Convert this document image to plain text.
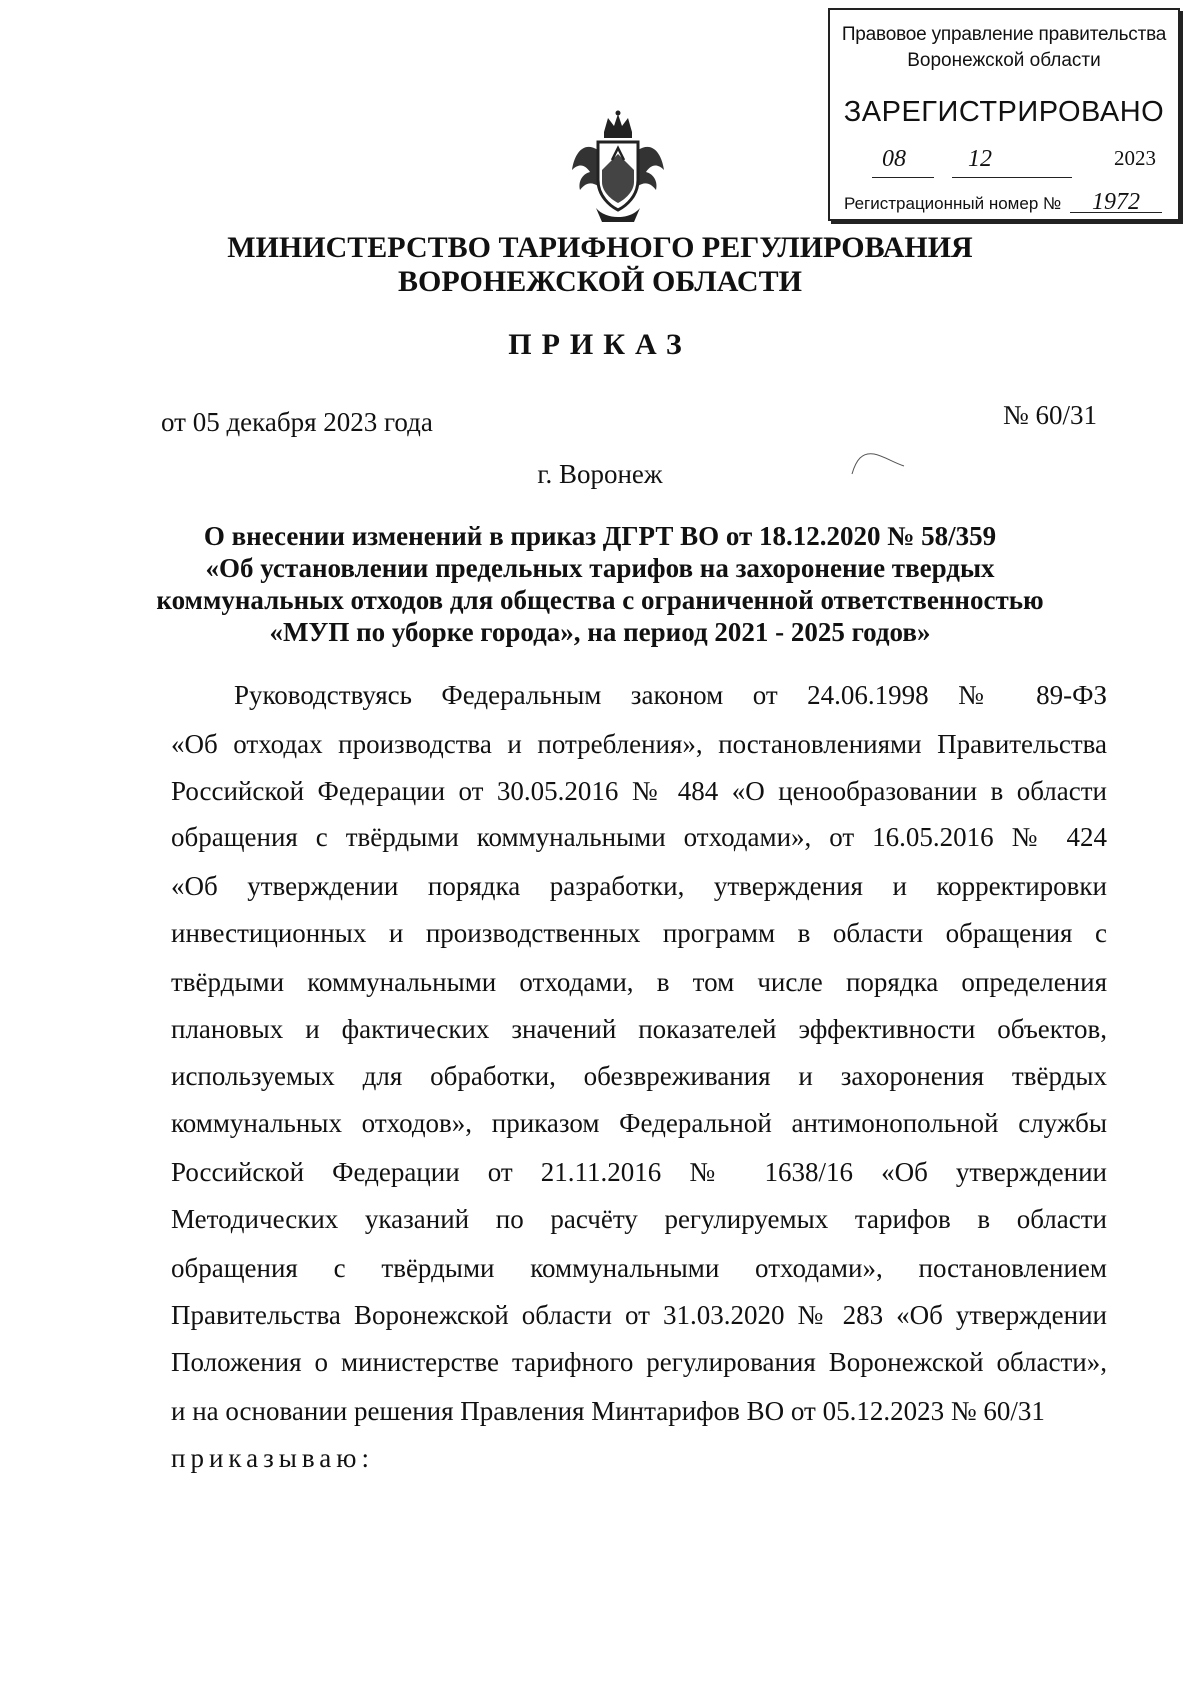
Правовое управление правительства
Воронежской области
ЗАРЕГИСТРИРОВАНО
08	12	2023
Регистрационный номер № 1972
МИНИСТЕРСТВО ТАРИФНОГО РЕГУЛИРОВАНИЯ
ВОРОНЕЖСКОЙ ОБЛАСТИ
ПРИКАЗ
от 05 декабря 2023 года	№ 60/31
г. Воронеж
О внесении изменений в приказ ДГРТ ВО от 18.12.2020 № 58/359
«Об установлении предельных тарифов на захоронение твердых
коммунальных отходов для общества с ограниченной ответственностью
«МУП по уборке города», на период 2021 - 2025 годов»
Руководствуясь Федеральным законом от 24.06.1998 № 89-ФЗ
«Об отходах производства и потребления», постановлениями Правительства
Российской Федерации от 30.05.2016 № 484 «О ценообразовании в области
обращения с твёрдыми коммунальными отходами», от 16.05.2016 № 424
«Об утверждении порядка разработки, утверждения и корректировки
инвестиционных и производственных программ в области обращения с
твёрдыми коммунальными отходами, в том числе порядка определения
плановых и фактических значений показателей эффективности объектов,
используемых для обработки, обезвреживания и захоронения твёрдых
коммунальных отходов», приказом Федеральной антимонопольной службы
Российской Федерации от 21.11.2016 № 1638/16 «Об утверждении
Методических указаний по расчёту регулируемых тарифов в области
обращения с твёрдыми коммунальными отходами», постановлением
Правительства Воронежской области от 31.03.2020 № 283 «Об утверждении
Положения о министерстве тарифного регулирования Воронежской области»,
и на основании решения Правления Минтарифов ВО от 05.12.2023 № 60/31
приказываю:
